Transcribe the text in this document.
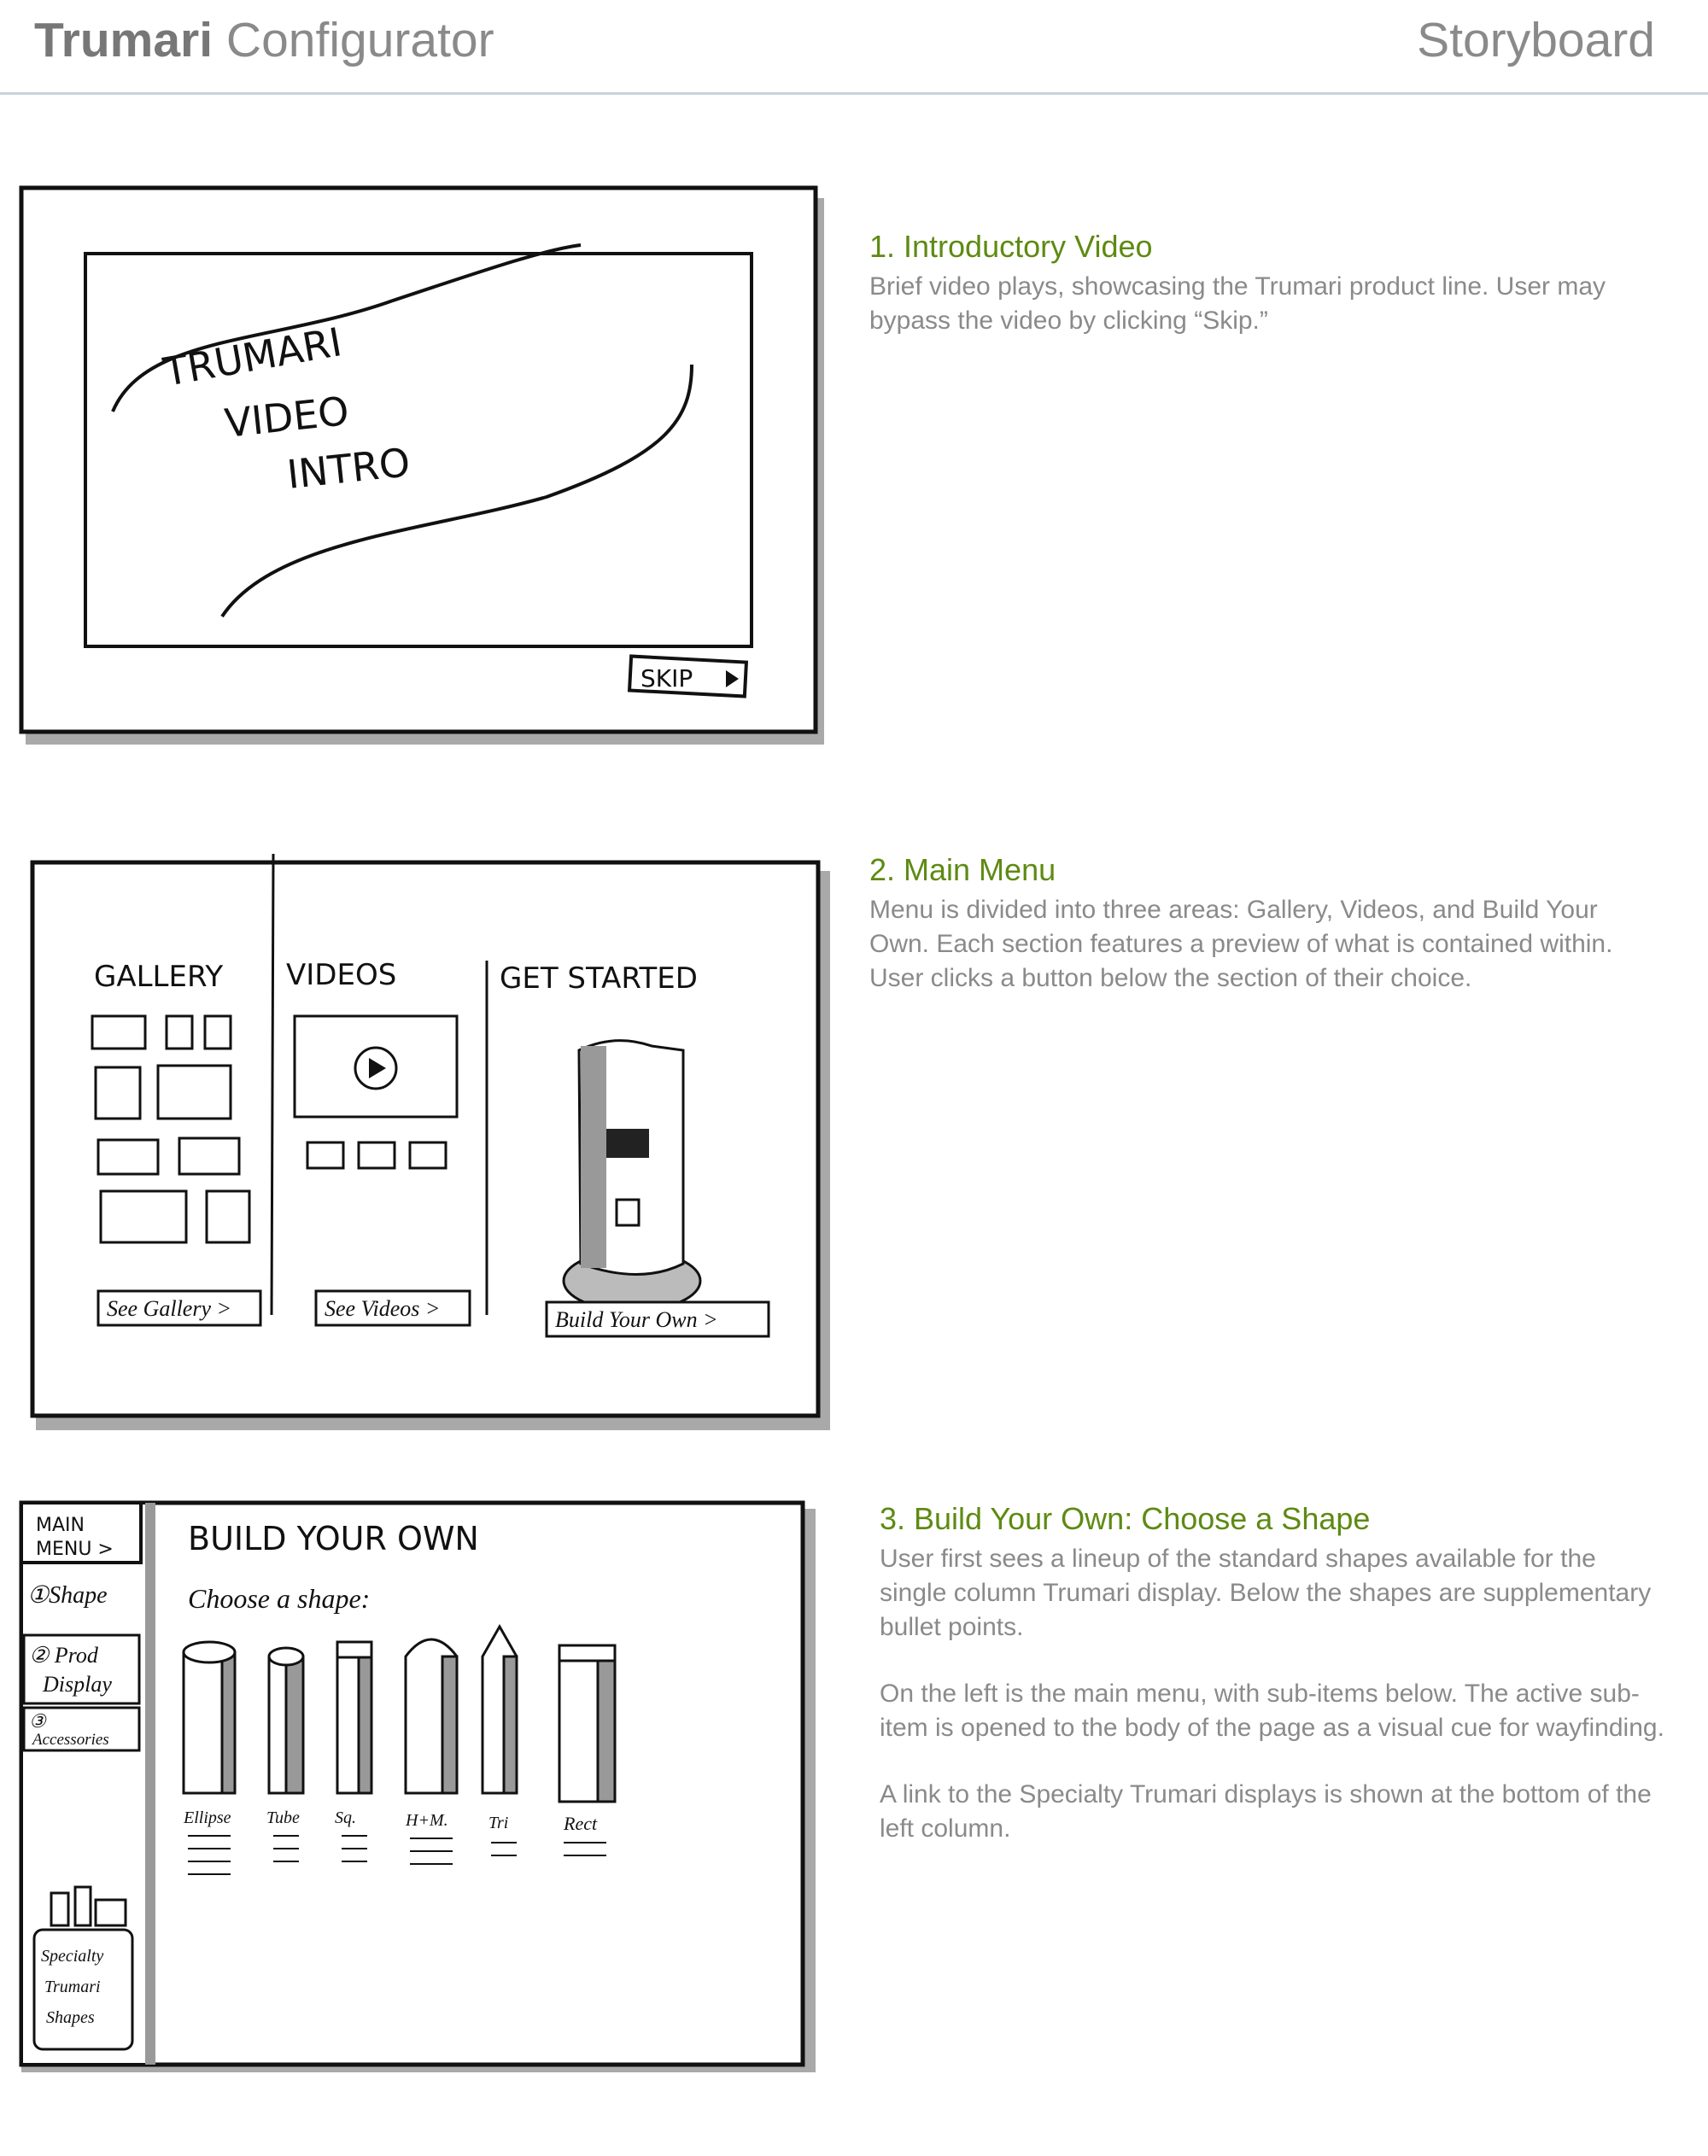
Trumari Configurator	Storyboard
TRUMARI
VIDEO
INTRO
SKIP
GALLERY VIDEOS	GET STARTED
See Gallery >	See Videos >	Build Your Own >
MAIN
MENU >
①Shape
② Prod
Display
③
Accessories
BUILD YOUR OWN
Choose a shape:
Ellipse Tube Sq.	H+M. Tri	Rect
Specialty
Trumari
Shapes
1. Introductory Video

Brief video plays, showcasing the Trumari product line. User may bypass the video by clicking “Skip.”

2. Main Menu

Menu is divided into three areas: Gallery, Videos, and Build Your Own. Each section features a preview of what is contained within. User clicks a button below the section of their choice.

3. Build Your Own: Choose a Shape

User first sees a lineup of the standard shapes available for the single column Trumari display. Below the shapes are supplementary bullet points.

On the left is the main menu, with sub-items below. The active sub-item is opened to the body of the page as a visual cue for wayfinding.

A link to the Specialty Trumari displays is shown at the bottom of the left column.
